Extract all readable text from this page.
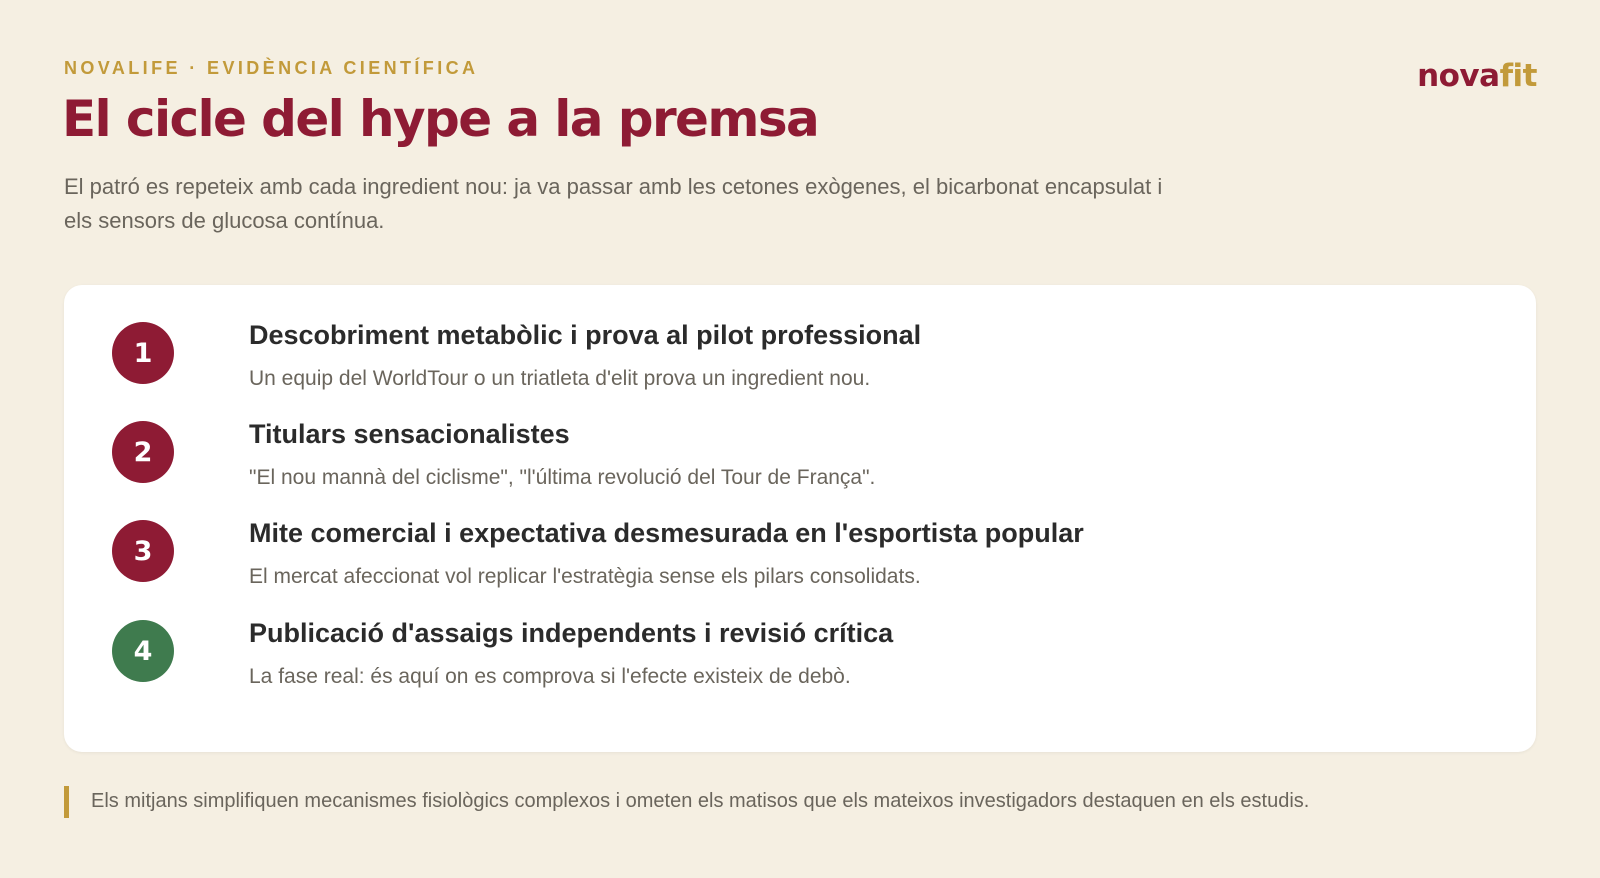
NOVALIFE · EVIDÈNCIA CIENTÍFICA	novafit
El cicle del hype a la premsa

El patró es repeteix amb cada ingredient nou: ja va passar amb les cetones exògenes, el bicarbonat encapsulat i els sensors de glucosa contínua.

1
Descobriment metabòlic i prova al pilot professional
Un equip del WorldTour o un triatleta d'elit prova un ingredient nou.
2
Titulars sensacionalistes
"El nou mannà del ciclisme", "l'última revolució del Tour de França".
3
Mite comercial i expectativa desmesurada en l'esportista popular
El mercat afeccionat vol replicar l'estratègia sense els pilars consolidats.
4
Publicació d'assaigs independents i revisió crítica
La fase real: és aquí on es comprova si l'efecte existeix de debò.
Els mitjans simplifiquen mecanismes fisiològics complexos i ometen els matisos que els mateixos investigadors destaquen en els estudis.
